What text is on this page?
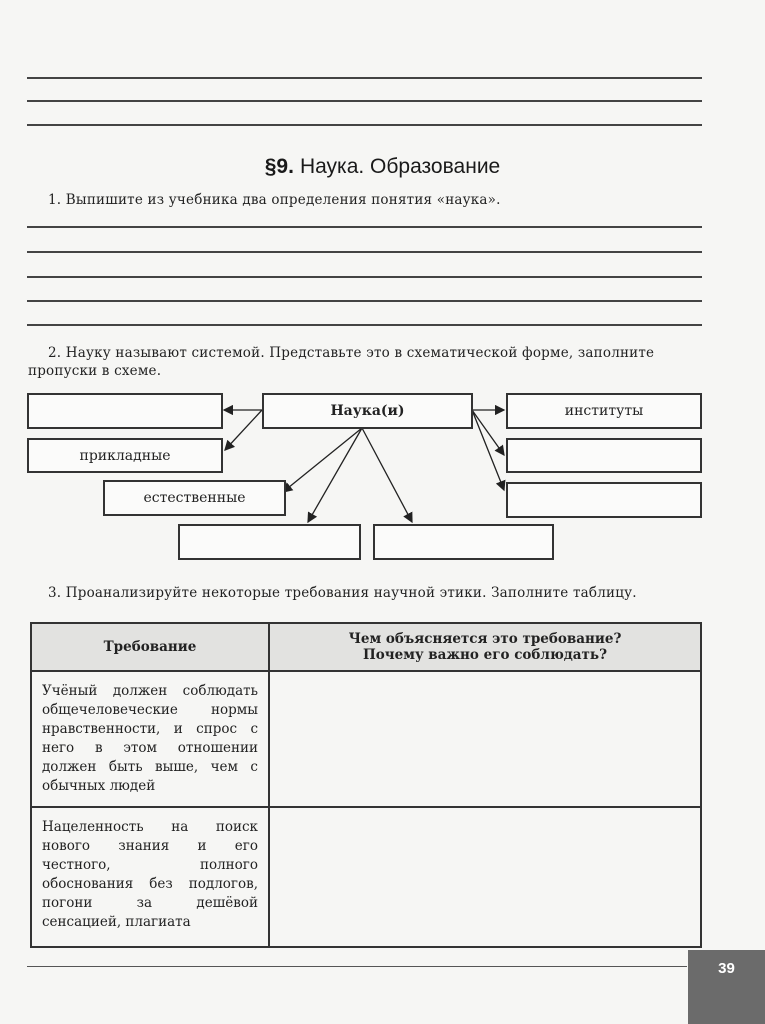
§9. Наука. Образование
1. Выпишите из учебника два определения понятия «наука».
2. Науку называют системой. Представьте это в схематической форме, заполните
пропуски в схеме.
Наука(и)	институты
прикладные
естественные
3. Проанализируйте некоторые требования научной этики. Заполните таблицу.
Требование	Чем объясняется это требование? Почему важно его соблюдать?

Учёный должен соблюдать общечеловеческие нормы нравственности, и спрос с него в этом отношении должен быть выше, чем с обычных людей	
Нацеленность на поиск нового знания и его честного, полного обоснования без подлогов, погони за дешёвой сенсацией, плагиата	
39
